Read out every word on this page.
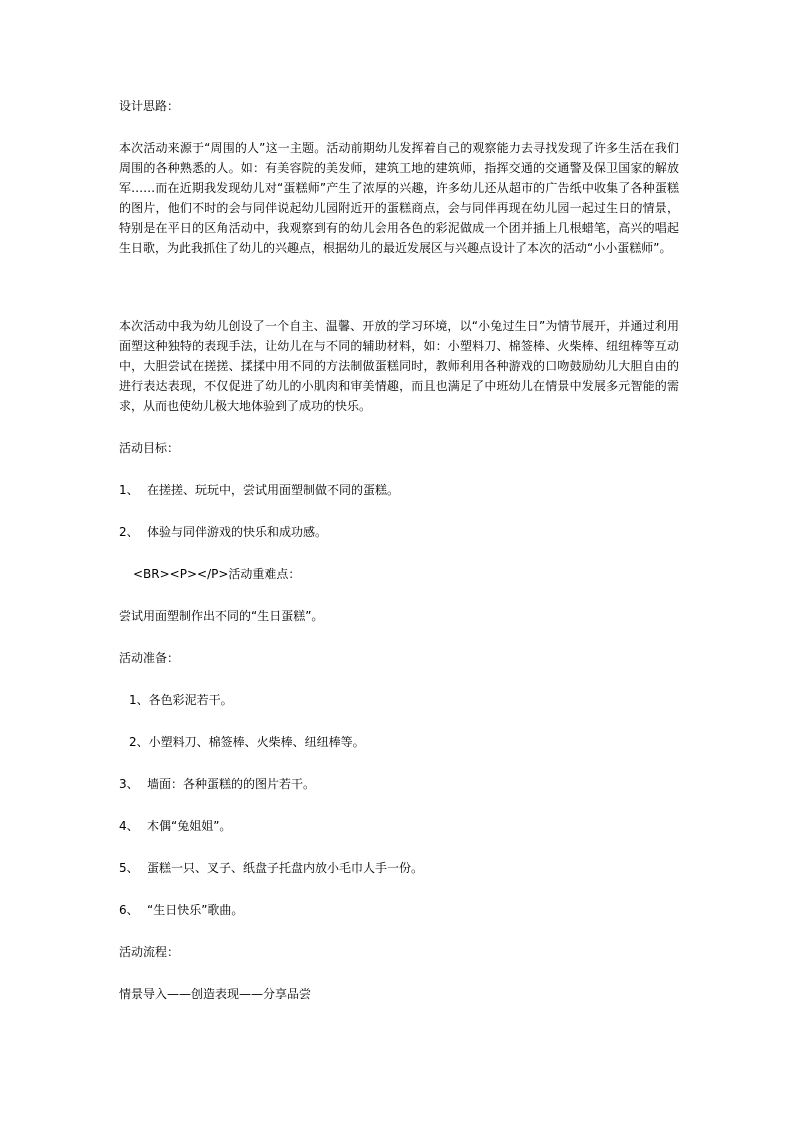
设计思路：

本次活动来源于“周围的人”这一主题。活动前期幼儿发挥着自己的观察能力去寻找发现了许多生活在我们周围的各种熟悉的人。如：有美容院的美发师，建筑工地的建筑师，指挥交通的交通警及保卫国家的解放军……而在近期我发现幼儿对“蛋糕师”产生了浓厚的兴趣，许多幼儿还从超市的广告纸中收集了各种蛋糕的图片，他们不时的会与同伴说起幼儿园附近开的蛋糕商点，会与同伴再现在幼儿园一起过生日的情景，特别是在平日的区角活动中，我观察到有的幼儿会用各色的彩泥做成一个团并插上几根蜡笔，高兴的唱起生日歌，为此我抓住了幼儿的兴趣点，根据幼儿的最近发展区与兴趣点设计了本次的活动“小小蛋糕师”。

本次活动中我为幼儿创设了一个自主、温馨、开放的学习环境，以“小兔过生日”为情节展开，并通过利用面塑这种独特的表现手法，让幼儿在与不同的辅助材料，如：小塑料刀、棉签棒、火柴棒、纽纽棒等互动中，大胆尝试在搓搓、揉揉中用不同的方法制做蛋糕同时，教师利用各种游戏的口吻鼓励幼儿大胆自由的进行表达表现，不仅促进了幼儿的小肌肉和审美情趣，而且也满足了中班幼儿在情景中发展多元智能的需求，从而也使幼儿极大地体验到了成功的快乐。

活动目标：

1、 在搓搓、玩玩中，尝试用面塑制做不同的蛋糕。

2、 体验与同伴游戏的快乐和成功感。

<BR><P></P>活动重难点：

尝试用面塑制作出不同的“生日蛋糕”。

活动准备：

1、各色彩泥若干。

2、小塑料刀、棉签棒、火柴棒、纽纽棒等。

3、 墙面：各种蛋糕的的图片若干。

4、 木偶“兔姐姐”。

5、 蛋糕一只、叉子、纸盘子托盘内放小毛巾人手一份。

6、 “生日快乐”歌曲。

活动流程：

情景导入——创造表现——分享品尝
